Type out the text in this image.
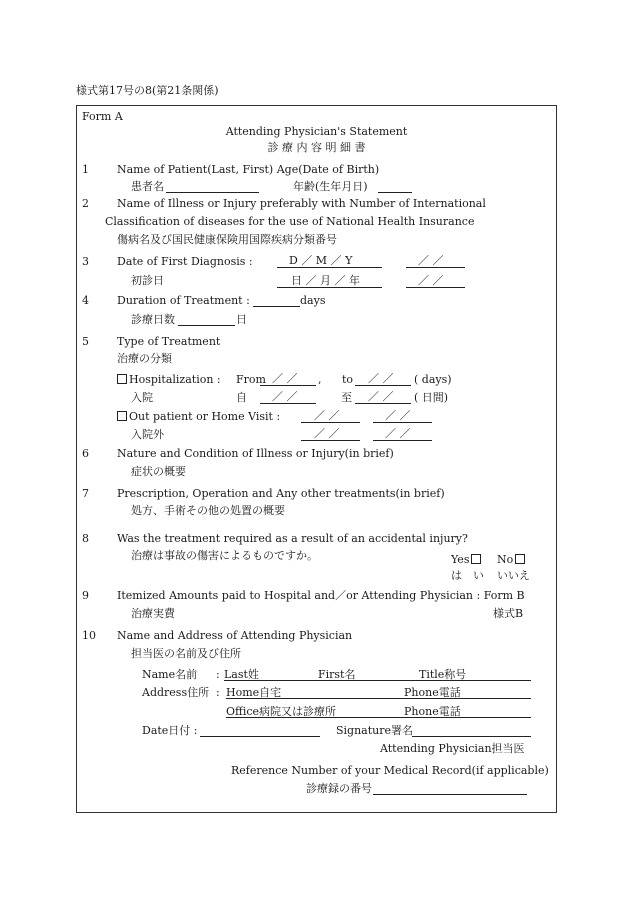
様式第17号の8(第21条関係)
Form A
Attending Physician's Statement
診 療 内 容 明 細 書
1	Name of Patient(Last, First) Age(Date of Birth)
患者名	年齢(生年月日)
2	Name of Illness or Injury preferably with Number of International
Classification of diseases for the use of National Health Insurance
傷病名及び国民健康保険用国際疾病分類番号
3	Date of First Diagnosis :	D ／ M ／ Y	／ ／
初診日	日 ／ 月 ／ 年	／ ／
4	Duration of Treatment :	days
診療日数	日
5	Type of Treatment
治療の分類
Hospitalization : From ／ ／ , to ／ ／ ( days)
入院	自 ／ ／	至 ／ ／ ( 日間)
Out patient or Home Visit :	／ ／	／ ／
入院外	／ ／	／ ／
6	Nature and Condition of Illness or Injury(in brief)
症状の概要
7	Prescription, Operation and Any other treatments(in brief)
処方、手術その他の処置の概要
8	Was the treatment required as a result of an accidental injury?
治療は事故の傷害によるものですか。	Yes	No
は　い いいえ
9	Itemized Amounts paid to Hospital and／or Attending Physician : Form B
治療実費	様式B
10 Name and Address of Attending Physician
担当医の名前及び住所
Name名前 : Last姓	First名	Title称号
Address住所 : Home自宅	Phone電話
Office病院又は診療所	Phone電話
Date日付 :	Signature署名
Attending Physician担当医
Reference Number of your Medical Record(if applicable)
診療録の番号
